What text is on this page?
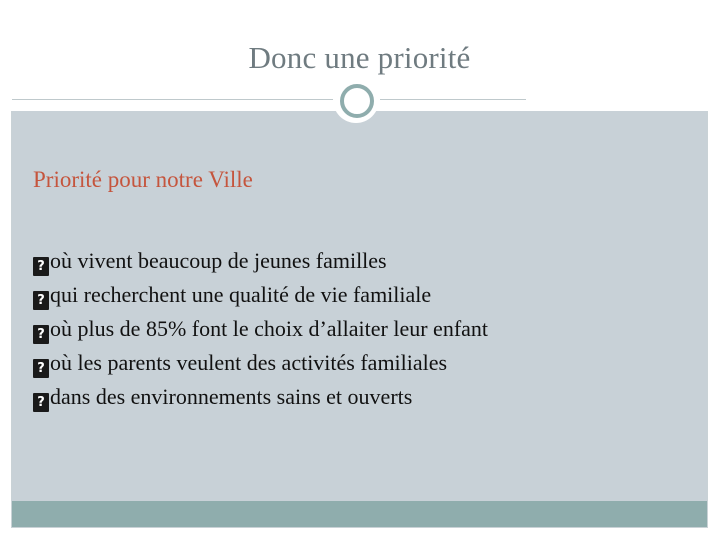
Donc une priorité
Priorité pour notre Ville
? où vivent beaucoup de jeunes familles
? qui recherchent une qualité de vie familiale
? où plus de 85% font le choix d’allaiter leur enfant
? où les parents veulent des activités familiales
? dans des environnements sains et ouverts
